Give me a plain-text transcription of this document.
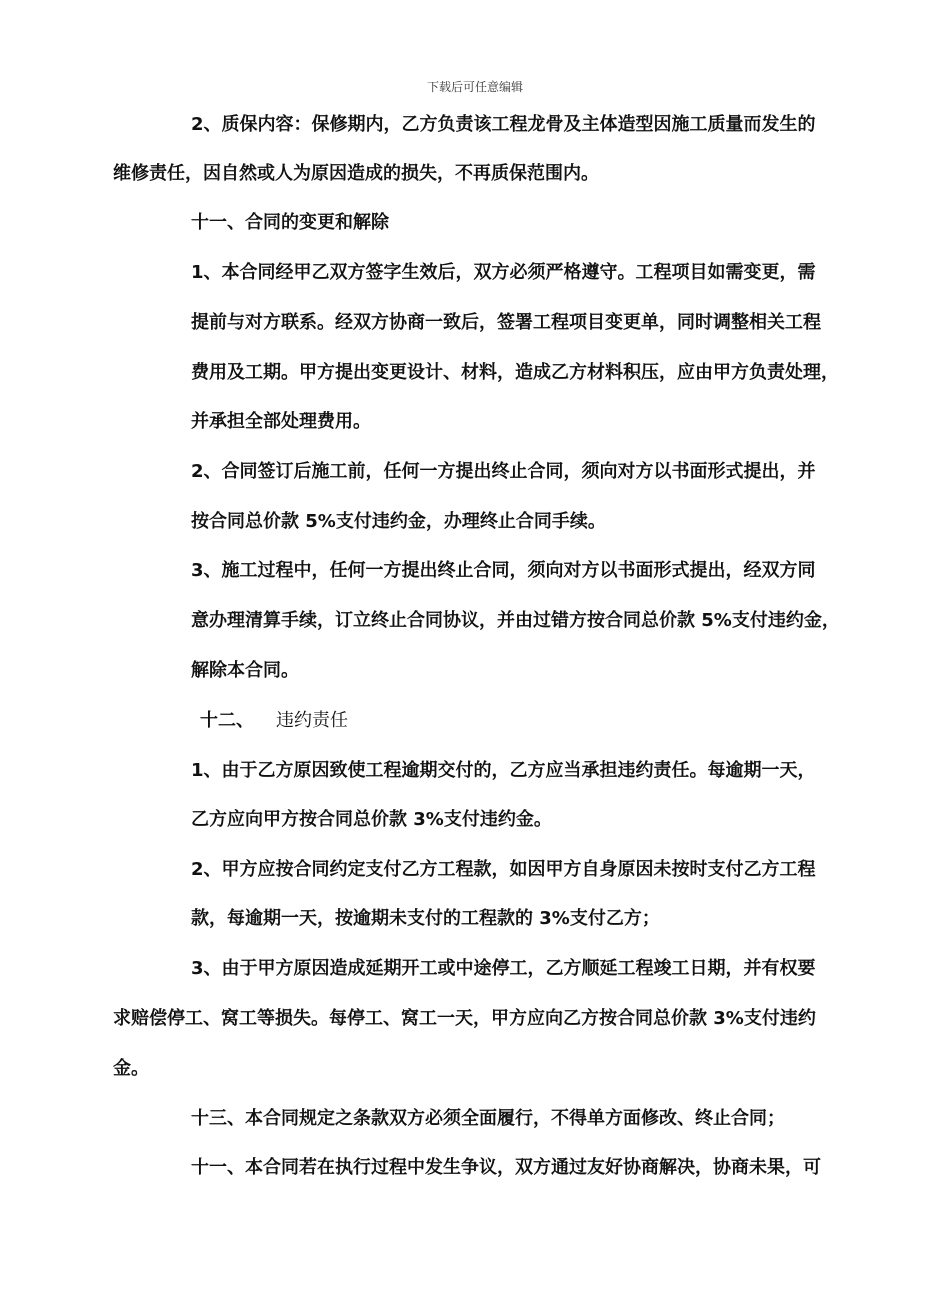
下载后可任意编辑
2、质保内容：保修期内，乙方负责该工程龙骨及主体造型因施工质量而发生的
维修责任，因自然或人为原因造成的损失，不再质保范围内。
十一、合同的变更和解除
1、本合同经甲乙双方签字生效后，双方必须严格遵守。工程项目如需变更，需
提前与对方联系。经双方协商一致后，签署工程项目变更单，同时调整相关工程
费用及工期。甲方提出变更设计、材料，造成乙方材料积压，应由甲方负责处理，
并承担全部处理费用。
2、合同签订后施工前，任何一方提出终止合同，须向对方以书面形式提出，并
按合同总价款 5%支付违约金，办理终止合同手续。
3、施工过程中，任何一方提出终止合同，须向对方以书面形式提出，经双方同
意办理清算手续，订立终止合同协议，并由过错方按合同总价款 5%支付违约金，
解除本合同。
十二、 违约责任
1、由于乙方原因致使工程逾期交付的，乙方应当承担违约责任。每逾期一天，
乙方应向甲方按合同总价款 3%支付违约金。
2、甲方应按合同约定支付乙方工程款，如因甲方自身原因未按时支付乙方工程
款，每逾期一天，按逾期未支付的工程款的 3%支付乙方；
3、由于甲方原因造成延期开工或中途停工，乙方顺延工程竣工日期，并有权要
求赔偿停工、窝工等损失。每停工、窝工一天，甲方应向乙方按合同总价款 3%支付违约
金。
十三、本合同规定之条款双方必须全面履行，不得单方面修改、终止合同；
十一、本合同若在执行过程中发生争议，双方通过友好协商解决，协商未果，可
